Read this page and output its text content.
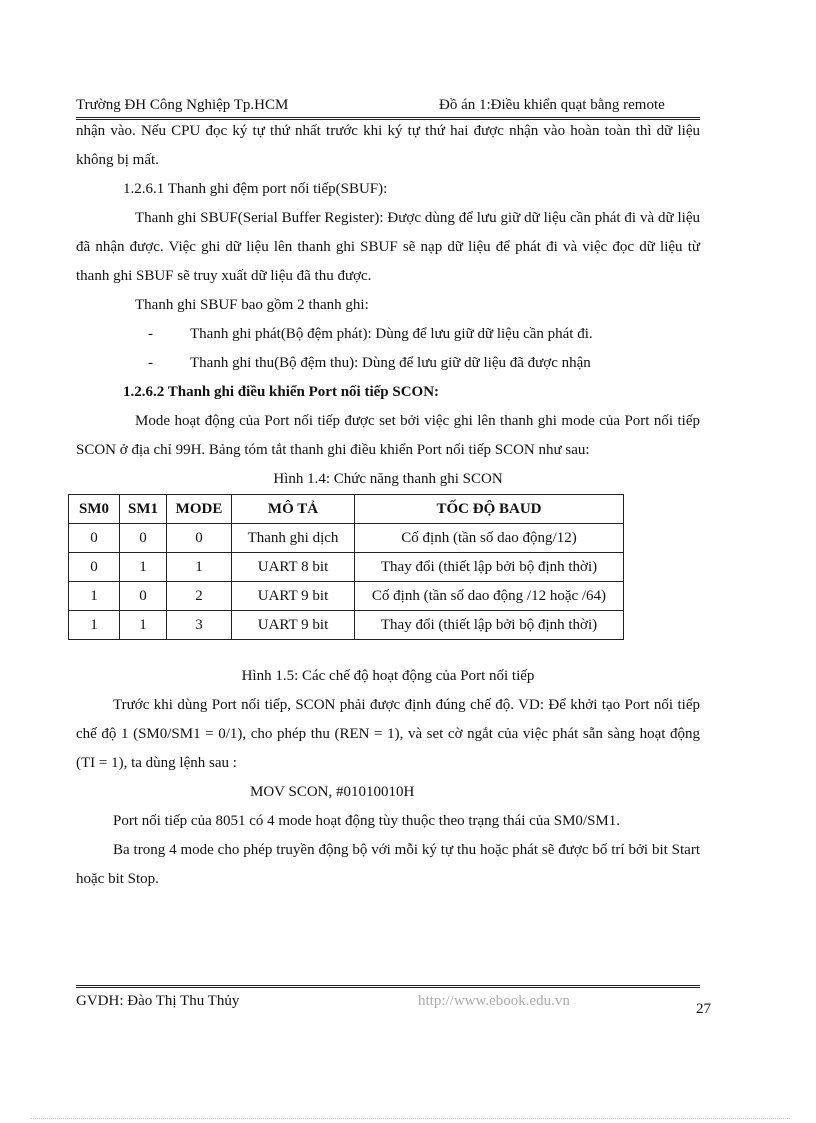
Trường ĐH Công Nghiệp Tp.HCM	Đồ án 1:Điều khiển quạt bằng remote

nhận vào. Nếu CPU đọc ký tự thứ nhất trước khi ký tự thứ hai được nhận vào hoàn toàn thì dữ liệu không bị mất.

1.2.6.1 Thanh ghi đệm port nối tiếp(SBUF):

Thanh ghi SBUF(Serial Buffer Register): Được dùng để lưu giữ dữ liệu cần phát đi và dữ liệu đã nhận được. Việc ghi dữ liệu lên thanh ghi SBUF sẽ nạp dữ liệu để phát đi và việc đọc dữ liệu từ thanh ghi SBUF sẽ truy xuất dữ liệu đã thu được.

Thanh ghi SBUF bao gồm 2 thanh ghi:

- Thanh ghi phát(Bộ đệm phát): Dùng để lưu giữ dữ liệu cần phát đi.

- Thanh ghi thu(Bộ đệm thu): Dùng để lưu giữ dữ liệu đã được nhận

1.2.6.2 Thanh ghi điều khiển Port nối tiếp SCON:

Mode hoạt động của Port nối tiếp được set bởi việc ghi lên thanh ghi mode của Port nối tiếp SCON ở địa chỉ 99H. Bảng tóm tắt thanh ghi điều khiển Port nối tiếp SCON như sau:

Hình 1.4: Chức năng thanh ghi SCON

SM0	SM1	MODE	MÔ TẢ	TỐC ĐỘ BAUD
0	0	0	Thanh ghi dịch	Cố định (tần số dao động/12)
0	1	1	UART 8 bit	Thay đổi (thiết lập bởi bộ định thời)
1	0	2	UART 9 bit	Cố định (tần số dao động /12 hoặc /64)
1	1	3	UART 9 bit	Thay đổi (thiết lập bởi bộ định thời)

Hình 1.5: Các chế độ hoạt động của Port nối tiếp

Trước khi dùng Port nối tiếp, SCON phải được định đúng chế độ. VD: Để khởi tạo Port nối tiếp chế độ 1 (SM0/SM1 = 0/1), cho phép thu (REN = 1), và set cờ ngắt của việc phát sẵn sàng hoạt động (TI = 1), ta dùng lệnh sau :

MOV SCON, #01010010H

Port nối tiếp của 8051 có 4 mode hoạt động tùy thuộc theo trạng thái của SM0/SM1.

Ba trong 4 mode cho phép truyền động bộ với mỗi ký tự thu hoặc phát sẽ được bố trí bởi bit Start hoặc bit Stop.

GVDH: Đào Thị Thu Thủy	http://www.ebook.edu.vn	27
